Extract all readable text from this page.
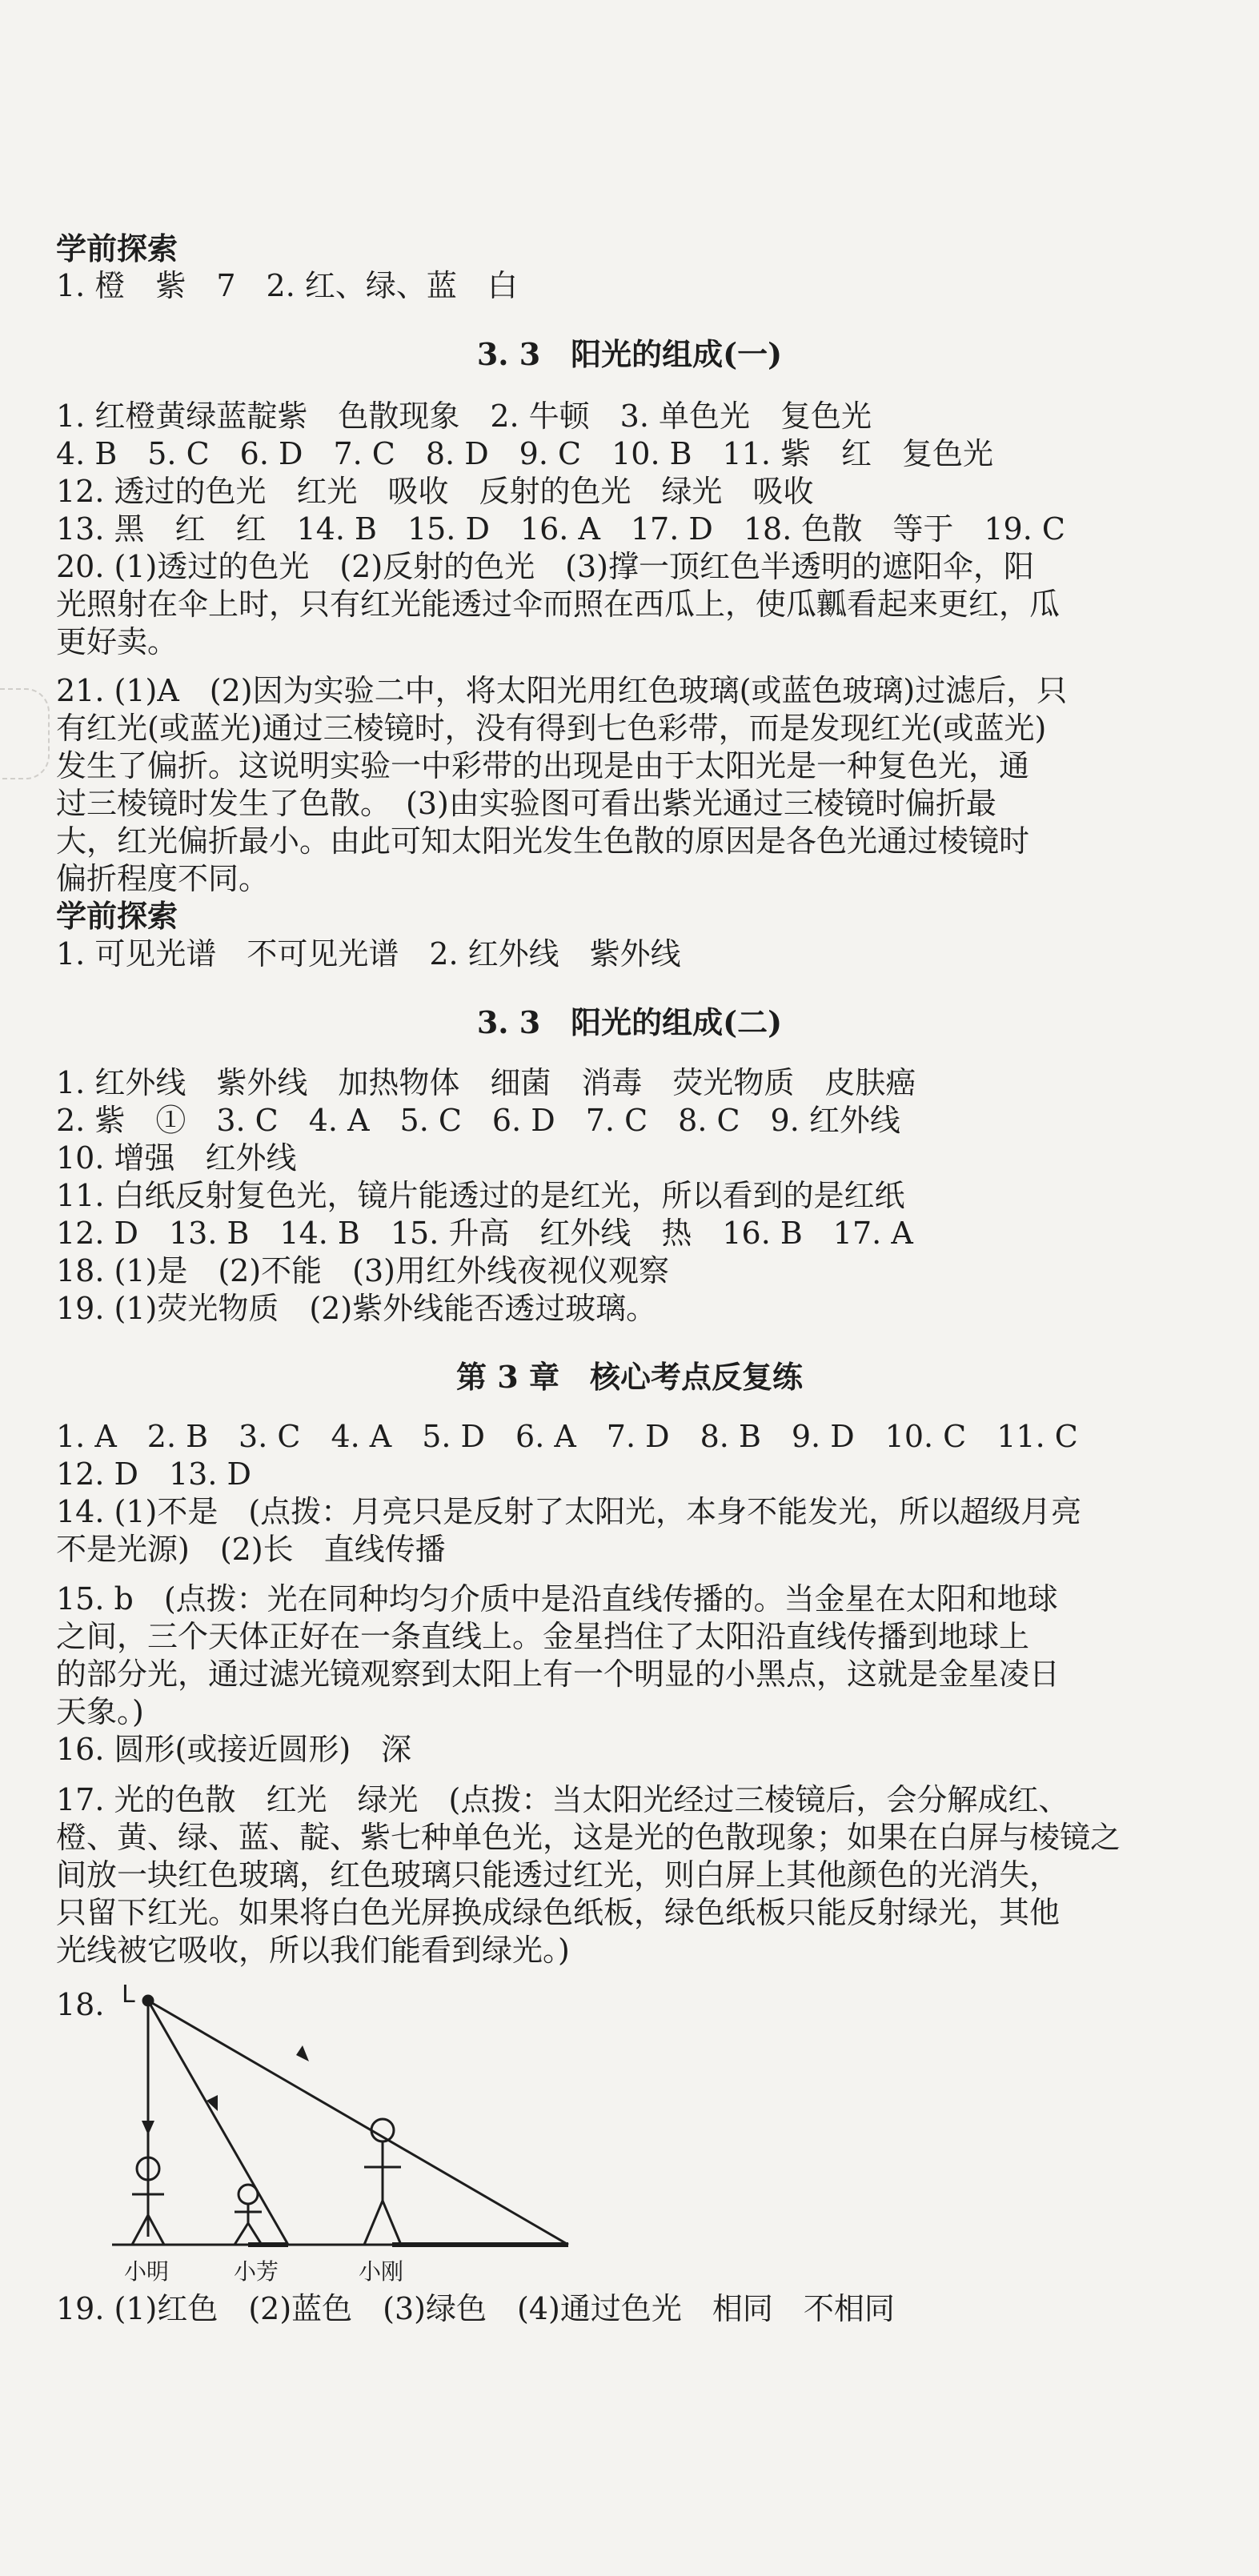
学前探索
1. 橙　紫　7　2. 红、绿、蓝　白
3. 3　阳光的组成(一)
1. 红橙黄绿蓝靛紫　色散现象　2. 牛顿　3. 单色光　复色光
4. B　5. C　6. D　7. C　8. D　9. C　10. B　11. 紫　红　复色光
12. 透过的色光　红光　吸收　反射的色光　绿光　吸收
13. 黑　红　红　14. B　15. D　16. A　17. D　18. 色散　等于　19. C
20. (1)透过的色光　(2)反射的色光　(3)撑一顶红色半透明的遮阳伞，阳
光照射在伞上时，只有红光能透过伞而照在西瓜上，使瓜瓤看起来更红，瓜
更好卖。
21. (1)A　(2)因为实验二中，将太阳光用红色玻璃(或蓝色玻璃)过滤后，只
有红光(或蓝光)通过三棱镜时，没有得到七色彩带，而是发现红光(或蓝光)
发生了偏折。这说明实验一中彩带的出现是由于太阳光是一种复色光，通
过三棱镜时发生了色散。　(3)由实验图可看出紫光通过三棱镜时偏折最
大，红光偏折最小。由此可知太阳光发生色散的原因是各色光通过棱镜时
偏折程度不同。
学前探索
1. 可见光谱　不可见光谱　2. 红外线　紫外线
3. 3　阳光的组成(二)
1. 红外线　紫外线　加热物体　细菌　消毒　荧光物质　皮肤癌
2. 紫　①　3. C　4. A　5. C　6. D　7. C　8. C　9. 红外线
10. 增强　红外线
11. 白纸反射复色光，镜片能透过的是红光，所以看到的是红纸
12. D　13. B　14. B　15. 升高　红外线　热　16. B　17. A
18. (1)是　(2)不能　(3)用红外线夜视仪观察
19. (1)荧光物质　(2)紫外线能否透过玻璃。
第 3 章　核心考点反复练
1. A　2. B　3. C　4. A　5. D　6. A　7. D　8. B　9. D　10. C　11. C
12. D　13. D
14. (1)不是　(点拨：月亮只是反射了太阳光，本身不能发光，所以超级月亮
不是光源)　(2)长　直线传播
15. b　(点拨：光在同种均匀介质中是沿直线传播的。当金星在太阳和地球
之间，三个天体正好在一条直线上。金星挡住了太阳沿直线传播到地球上
的部分光，通过滤光镜观察到太阳上有一个明显的小黑点，这就是金星凌日
天象。)
16. 圆形(或接近圆形)　深
17. 光的色散　红光　绿光　(点拨：当太阳光经过三棱镜后，会分解成红、
橙、黄、绿、蓝、靛、紫七种单色光，这是光的色散现象；如果在白屏与棱镜之
间放一块红色玻璃，红色玻璃只能透过红光，则白屏上其他颜色的光消失，
只留下红光。如果将白色光屏换成绿色纸板，绿色纸板只能反射绿光，其他
光线被它吸收，所以我们能看到绿光。)
18. L
小明	小芳	小刚
19. (1)红色　(2)蓝色　(3)绿色　(4)通过色光　相同　不相同
